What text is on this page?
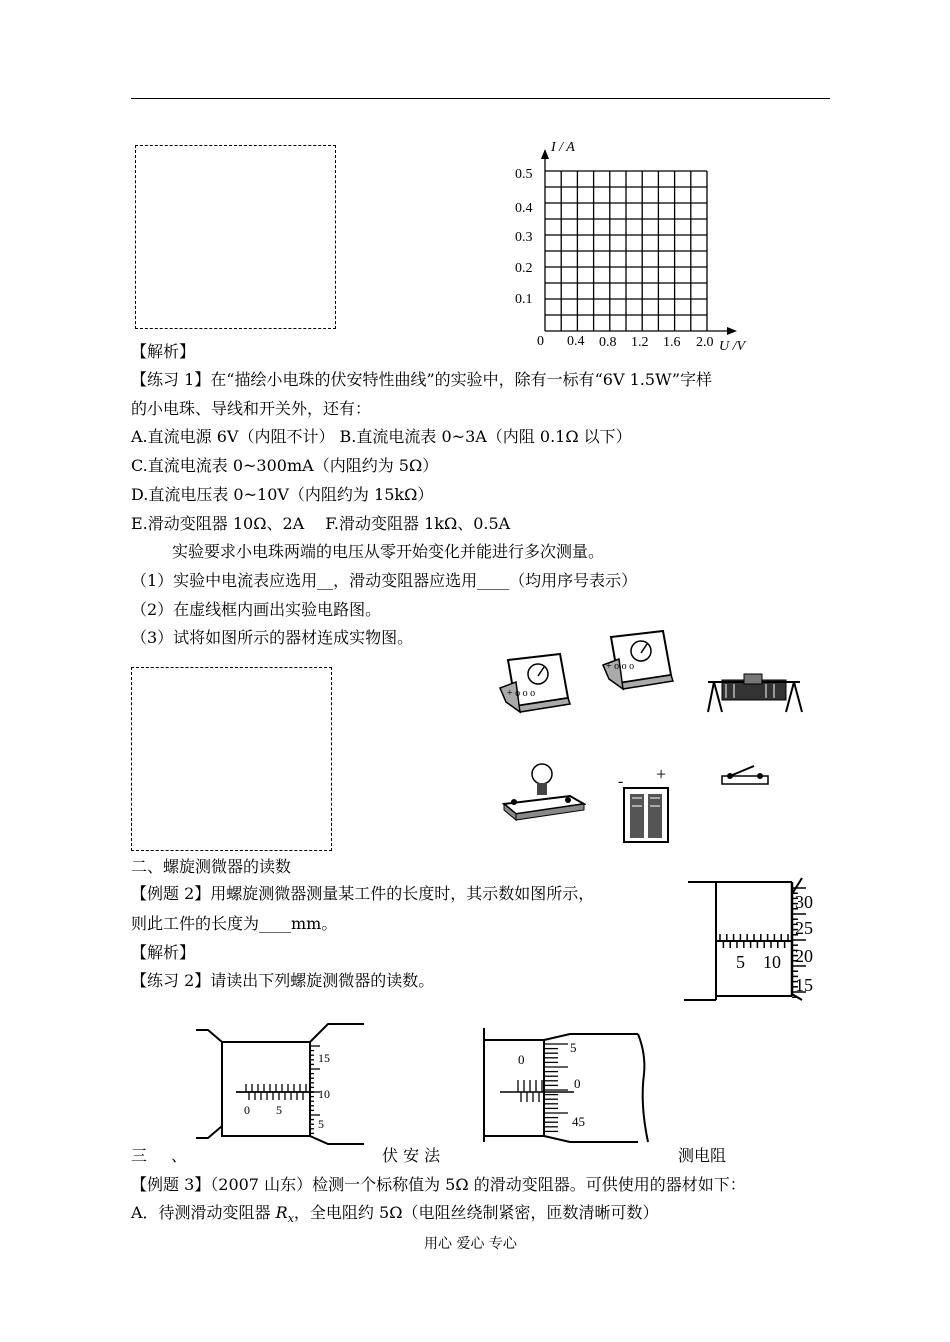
I / A
U /V
0
0.1
0.2
0.3
0.4
0.5
0.4 0.8 1.2 1.6 2.0
【解析】
【练习 1】在“描绘小电珠的伏安特性曲线”的实验中，除有一标有“6V 1.5W”字样
的小电珠、导线和开关外，还有：
A.直流电源 6V（内阻不计） B.直流电流表 0~3A（内阻 0.1Ω 以下）
C.直流电流表 0~300mA（内阻约为 5Ω）
D.直流电压表 0~10V（内阻约为 15kΩ）
E.滑动变阻器 10Ω、2A　 F.滑动变阻器 1kΩ、0.5A
实验要求小电珠两端的电压从零开始变化并能进行多次测量。
（1）实验中电流表应选用__，滑动变阻器应选用____（均用序号表示）
（2）在虚线框内画出实验电路图。
（3）试将如图所示的器材连成实物图。
+ o o o
+ o o o
- +
二、螺旋测微器的读数
【例题 2】用螺旋测微器测量某工件的长度时，其示数如图所示，
则此工件的长度为____mm。
【解析】
【练习 2】请读出下列螺旋测微器的读数。
30
25
20
15
5 10
15
10
5
0 5
5
0
45
0
三　、	伏 安 法	测电阻
【例题 3】（2007 山东）检测一个标称值为 5Ω 的滑动变阻器。可供使用的器材如下：
A．待测滑动变阻器 $R_x$，全电阻约 5Ω（电阻丝绕制紧密，匝数清晰可数）
用心 爱心 专心
